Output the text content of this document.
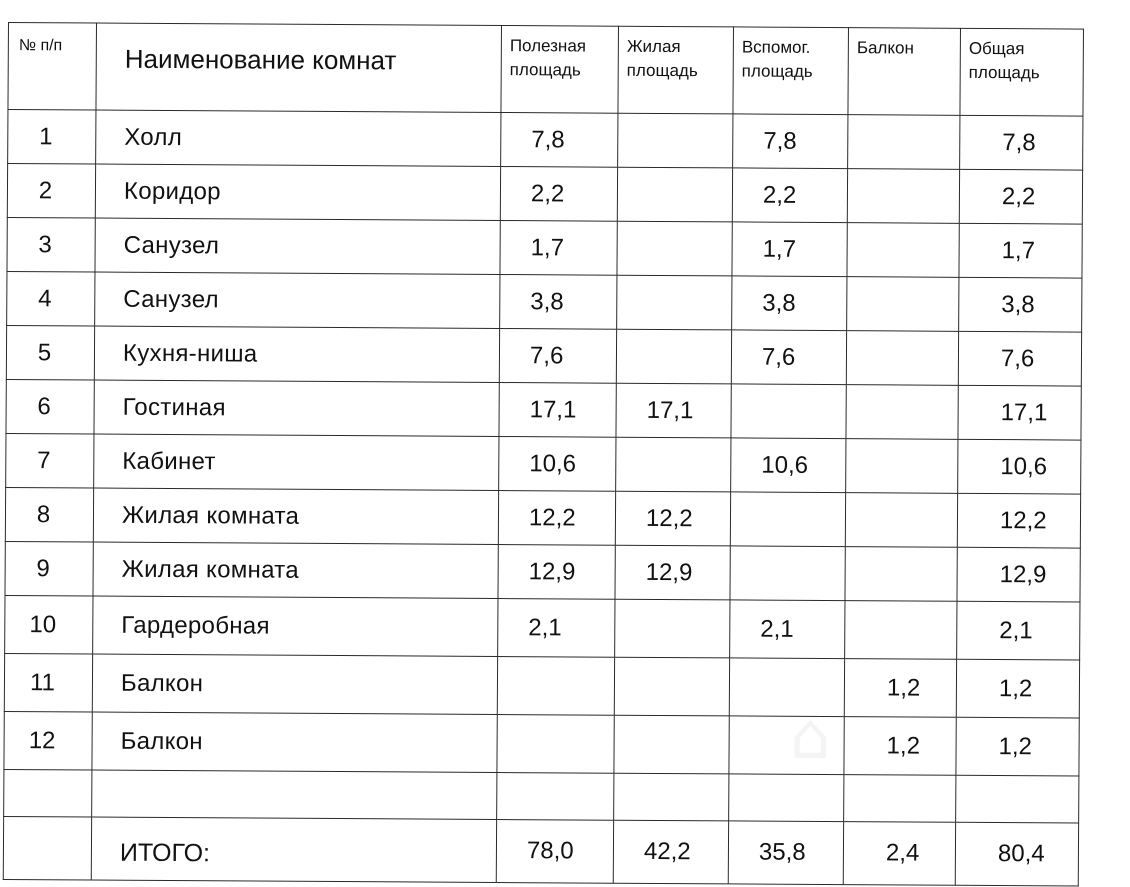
№ п/п	Наименование комнат	Полезная площадь	Жилая площадь	Вспомог. площадь	Балкон	Общая площадь
1	Холл	7,8		7,8		7,8
2	Коридор	2,2		2,2		2,2
3	Санузел	1,7		1,7		1,7
4	Санузел	3,8		3,8		3,8
5	Кухня-ниша	7,6		7,6		7,6
6	Гостиная	17,1	17,1			17,1
7	Кабинет	10,6		10,6		10,6
8	Жилая комната	12,2	12,2			12,2
9	Жилая комната	12,9	12,9			12,9
10	Гардеробная	2,1		2,1		2,1
11	Балкон				1,2	1,2
12	Балкон				1,2	1,2

	ИТОГО:	78,0	42,2	35,8	2,4	80,4
